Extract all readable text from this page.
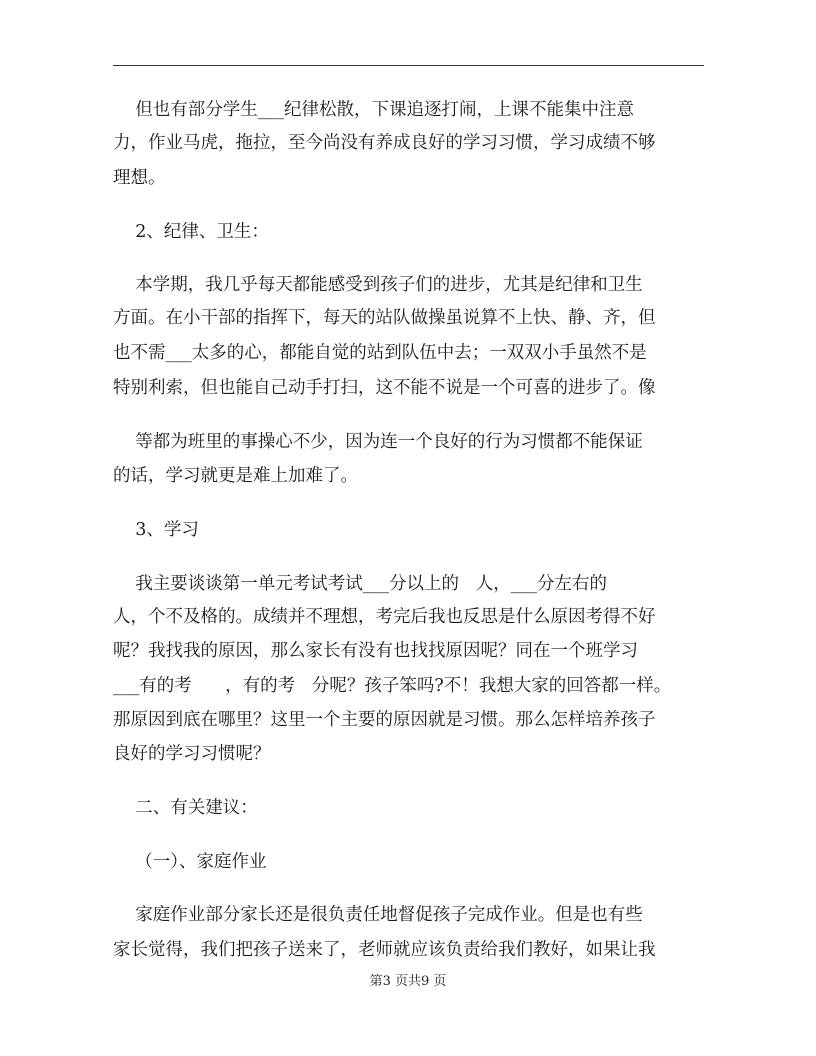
但也有部分学生___纪律松散，下课追逐打闹，上课不能集中注意
力，作业马虎，拖拉，至今尚没有养成良好的学习习惯，学习成绩不够
理想。
2、纪律、卫生：
本学期，我几乎每天都能感受到孩子们的进步，尤其是纪律和卫生
方面。在小干部的指挥下，每天的站队做操虽说算不上快、静、齐，但
也不需___太多的心，都能自觉的站到队伍中去；一双双小手虽然不是
特别利索，但也能自己动手打扫，这不能不说是一个可喜的进步了。像
等都为班里的事操心不少，因为连一个良好的行为习惯都不能保证
的话，学习就更是难上加难了。
3、学习
我主要谈谈第一单元考试考试___分以上的   人，___分左右的
人，个不及格的。成绩并不理想，考完后我也反思是什么原因考得不好
呢？我找我的原因，那么家长有没有也找找原因呢？同在一个班学习
___有的考      ，有的考   分呢？孩子笨吗?不！我想大家的回答都一样。
那原因到底在哪里？这里一个主要的原因就是习惯。那么怎样培养孩子
良好的学习习惯呢？
二、有关建议：
（一）、家庭作业
家庭作业部分家长还是很负责任地督促孩子完成作业。但是也有些
家长觉得，我们把孩子送来了，老师就应该负责给我们教好，如果让我
第3 页共9 页
